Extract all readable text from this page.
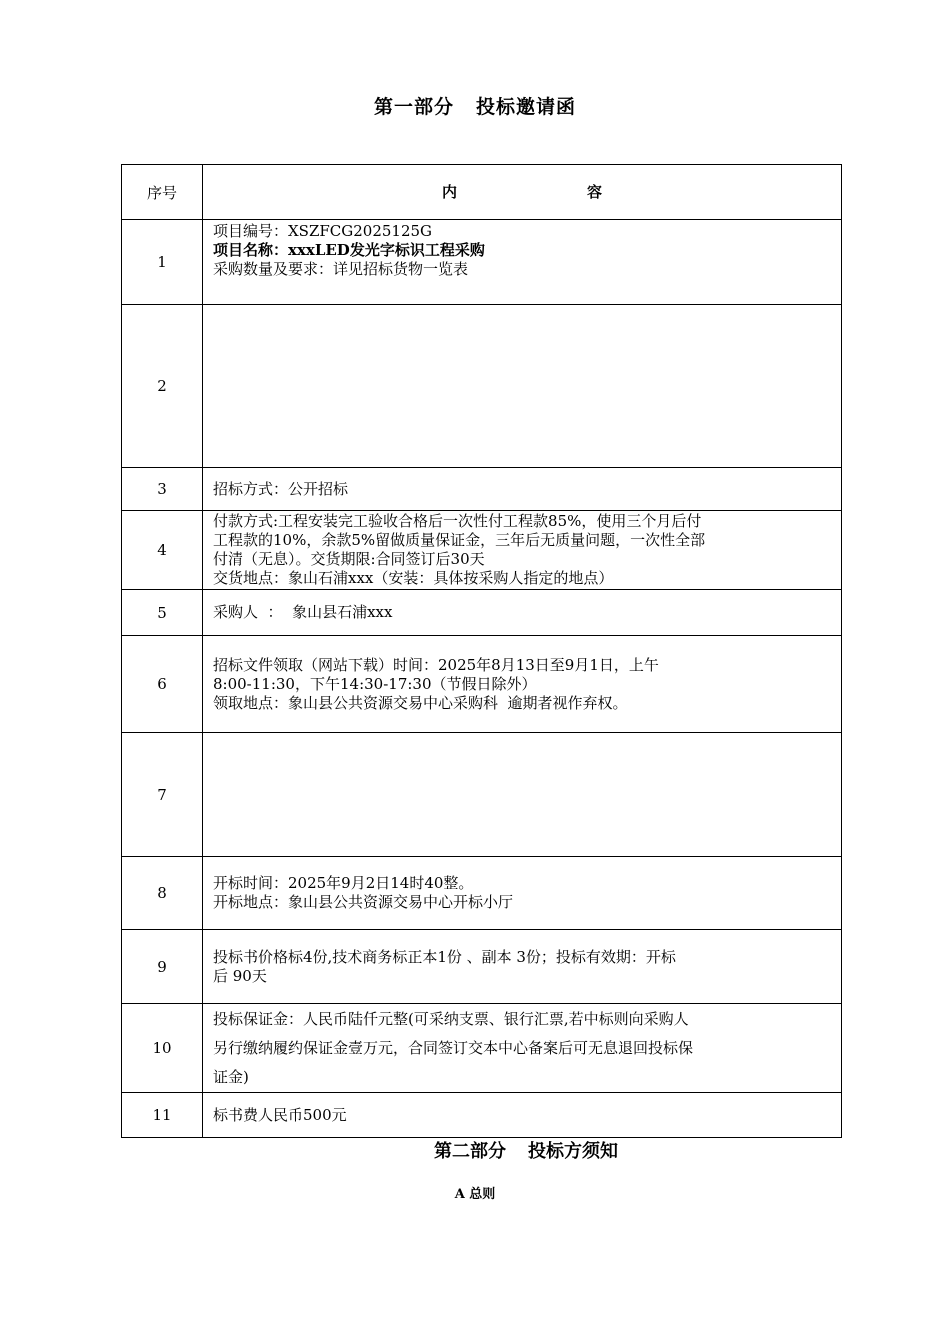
第一部分 投标邀请函
序号	内 容
1	项目编号：XSZFCG2025125G
项目名称：xxxLED发光字标识工程采购
采购数量及要求：详见招标货物一览表

2	
3	招标方式：公开招标

4	付款方式:工程安装完工验收合格后一次性付工程款85%，使用三个月后付
工程款的10%，余款5%留做质量保证金，三年后无质量问题，一次性全部
付清（无息）。交货期限:合同签订后30天
交货地点：象山石浦xxx（安装：具体按采购人指定的地点）

5	采购人  ：  象山县石浦xxx

6	招标文件领取（网站下载）时间：2025年8月13日至9月1日，上午
8:00-11:30，下午14:30-17:30（节假日除外）
领取地点：象山县公共资源交易中心采购科  逾期者视作弃权。

7	
8	开标时间：2025年9月2日14时40整。
开标地点：象山县公共资源交易中心开标小厅

9	投标书价格标4份,技术商务标正本1份 、副本 3份；投标有效期：开标
后 90天

10	投标保证金：人民币陆仟元整(可采纳支票、银行汇票,若中标则向采购人
另行缴纳履约保证金壹万元，合同签订交本中心备案后可无息退回投标保
证金)

11	标书费人民币500元
第二部分 投标方须知
A 总则
